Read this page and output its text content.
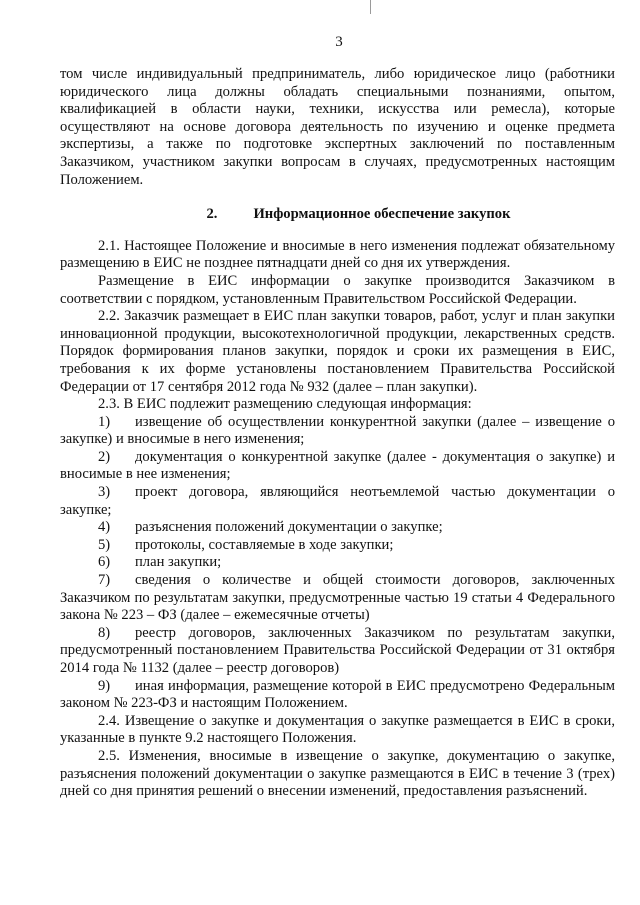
3

том числе индивидуальный предприниматель, либо юридическое лицо (работники юридического лица должны обладать специальными познаниями, опытом, квалификацией в области науки, техники, искусства или ремесла), которые осуществляют на основе договора деятельность по изучению и оценке предмета экспертизы, а также по подготовке экспертных заключений по поставленным Заказчиком, участником закупки вопросам в случаях, предусмотренных настоящим Положением.

2. Информационное обеспечение закупок

2.1. Настоящее Положение и вносимые в него изменения подлежат обязательному размещению в ЕИС не позднее пятнадцати дней со дня их утверждения.

Размещение в ЕИС информации о закупке производится Заказчиком в соответствии с порядком, установленным Правительством Российской Федерации.

2.2. Заказчик размещает в ЕИС план закупки товаров, работ, услуг и план закупки инновационной продукции, высокотехнологичной продукции, лекарственных средств. Порядок формирования планов закупки, порядок и сроки их размещения в ЕИС, требования к их форме установлены постановлением Правительства Российской Федерации от 17 сентября 2012 года № 932 (далее – план закупки).

2.3. В ЕИС подлежит размещению следующая информация:

1) извещение об осуществлении конкурентной закупки (далее – извещение о закупке) и вносимые в него изменения;

2) документация о конкурентной закупке (далее - документация о закупке) и вносимые в нее изменения;

3) проект договора, являющийся неотъемлемой частью документации о закупке;

4) разъяснения положений документации о закупке;

5) протоколы, составляемые в ходе закупки;

6) план закупки;

7) сведения о количестве и общей стоимости договоров, заключенных Заказчиком по результатам закупки, предусмотренные частью 19 статьи 4 Федерального закона № 223 – ФЗ (далее – ежемесячные отчеты)

8) реестр договоров, заключенных Заказчиком по результатам закупки, предусмотренный постановлением Правительства Российской Федерации от 31 октября 2014 года № 1132 (далее – реестр договоров)

9) иная информация, размещение которой в ЕИС предусмотрено Федеральным законом № 223-ФЗ и настоящим Положением.

2.4. Извещение о закупке и документация о закупке размещается в ЕИС в сроки, указанные в пункте 9.2 настоящего Положения.

2.5. Изменения, вносимые в извещение о закупке, документацию о закупке, разъяснения положений документации о закупке размещаются в ЕИС в течение 3 (трех) дней со дня принятия решений о внесении изменений, предоставления разъяснений.
